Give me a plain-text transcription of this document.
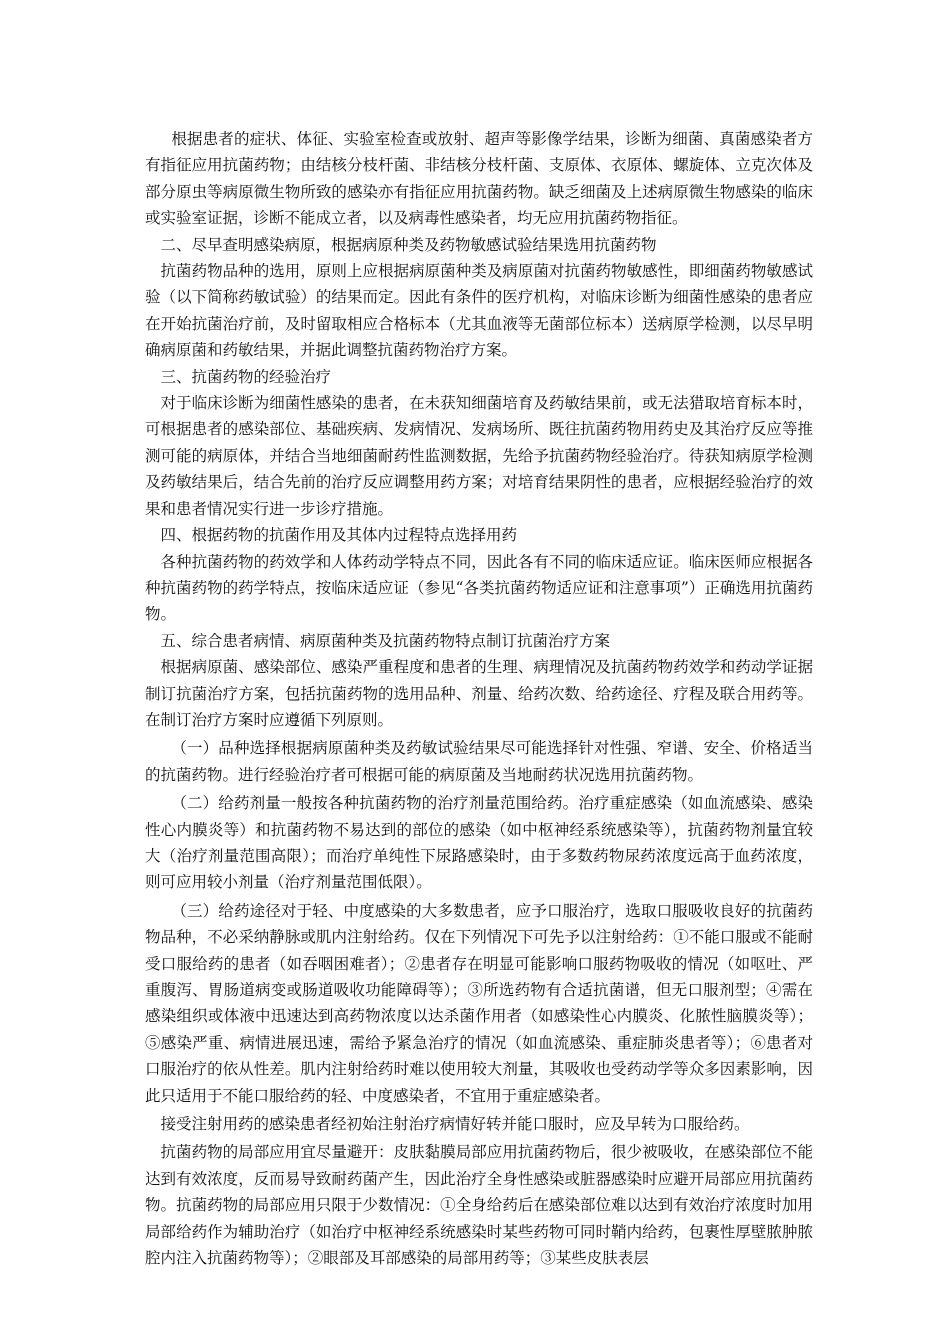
根据患者的症状、体征、实验室检查或放射、超声等影像学结果，诊断为细菌、真菌感染者方有指征应用抗菌药物；由结核分枝杆菌、非结核分枝杆菌、支原体、衣原体、螺旋体、立克次体及部分原虫等病原微生物所致的感染亦有指征应用抗菌药物。缺乏细菌及上述病原微生物感染的临床或实验室证据，诊断不能成立者，以及病毒性感染者，均无应用抗菌药物指征。

二、尽早查明感染病原，根据病原种类及药物敏感试验结果选用抗菌药物

抗菌药物品种的选用，原则上应根据病原菌种类及病原菌对抗菌药物敏感性，即细菌药物敏感试验（以下简称药敏试验）的结果而定。因此有条件的医疗机构，对临床诊断为细菌性感染的患者应在开始抗菌治疗前，及时留取相应合格标本（尤其血液等无菌部位标本）送病原学检测，以尽早明确病原菌和药敏结果，并据此调整抗菌药物治疗方案。

三、抗菌药物的经验治疗

对于临床诊断为细菌性感染的患者，在未获知细菌培育及药敏结果前，或无法猎取培育标本时，可根据患者的感染部位、基础疾病、发病情况、发病场所、既往抗菌药物用药史及其治疗反应等推测可能的病原体，并结合当地细菌耐药性监测数据，先给予抗菌药物经验治疗。待获知病原学检测及药敏结果后，结合先前的治疗反应调整用药方案；对培育结果阴性的患者，应根据经验治疗的效果和患者情况实行进一步诊疗措施。

四、根据药物的抗菌作用及其体内过程特点选择用药

各种抗菌药物的药效学和人体药动学特点不同，因此各有不同的临床适应证。临床医师应根据各种抗菌药物的药学特点，按临床适应证（参见“各类抗菌药物适应证和注意事项”）正确选用抗菌药物。

五、综合患者病情、病原菌种类及抗菌药物特点制订抗菌治疗方案

根据病原菌、感染部位、感染严重程度和患者的生理、病理情况及抗菌药物药效学和药动学证据制订抗菌治疗方案，包括抗菌药物的选用品种、剂量、给药次数、给药途径、疗程及联合用药等。在制订治疗方案时应遵循下列原则。

（一）品种选择根据病原菌种类及药敏试验结果尽可能选择针对性强、窄谱、安全、价格适当的抗菌药物。进行经验治疗者可根据可能的病原菌及当地耐药状况选用抗菌药物。

（二）给药剂量一般按各种抗菌药物的治疗剂量范围给药。治疗重症感染（如血流感染、感染性心内膜炎等）和抗菌药物不易达到的部位的感染（如中枢神经系统感染等），抗菌药物剂量宜较大（治疗剂量范围高限）；而治疗单纯性下尿路感染时，由于多数药物尿药浓度远高于血药浓度，则可应用较小剂量（治疗剂量范围低限）。

（三）给药途径对于轻、中度感染的大多数患者，应予口服治疗，选取口服吸收良好的抗菌药物品种，不必采纳静脉或肌内注射给药。仅在下列情况下可先予以注射给药：①不能口服或不能耐受口服给药的患者（如吞咽困难者）；②患者存在明显可能影响口服药物吸收的情况（如呕吐、严重腹泻、胃肠道病变或肠道吸收功能障碍等）；③所选药物有合适抗菌谱，但无口服剂型；④需在感染组织或体液中迅速达到高药物浓度以达杀菌作用者（如感染性心内膜炎、化脓性脑膜炎等）；⑤感染严重、病情进展迅速，需给予紧急治疗的情况（如血流感染、重症肺炎患者等）；⑥患者对口服治疗的依从性差。肌内注射给药时难以使用较大剂量，其吸收也受药动学等众多因素影响，因此只适用于不能口服给药的轻、中度感染者，不宜用于重症感染者。

接受注射用药的感染患者经初始注射治疗病情好转并能口服时，应及早转为口服给药。

抗菌药物的局部应用宜尽量避开：皮肤黏膜局部应用抗菌药物后，很少被吸收，在感染部位不能达到有效浓度，反而易导致耐药菌产生，因此治疗全身性感染或脏器感染时应避开局部应用抗菌药物。抗菌药物的局部应用只限于少数情况：①全身给药后在感染部位难以达到有效治疗浓度时加用局部给药作为辅助治疗（如治疗中枢神经系统感染时某些药物可同时鞘内给药，包裹性厚壁脓肿脓腔内注入抗菌药物等）；②眼部及耳部感染的局部用药等；③某些皮肤表层
